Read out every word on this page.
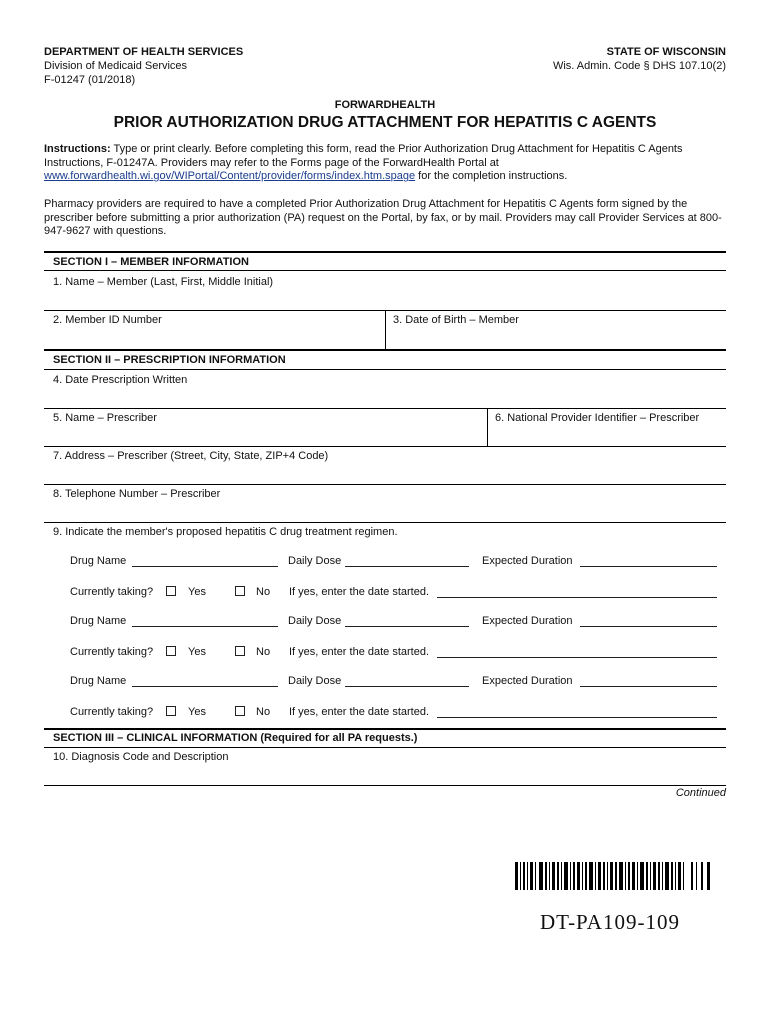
DEPARTMENT OF HEALTH SERVICES
Division of Medicaid Services
F-01247 (01/2018)
STATE OF WISCONSIN
Wis. Admin. Code § DHS 107.10(2)
FORWARDHEALTH
PRIOR AUTHORIZATION DRUG ATTACHMENT FOR HEPATITIS C AGENTS
Instructions: Type or print clearly. Before completing this form, read the Prior Authorization Drug Attachment for Hepatitis C Agents Instructions, F-01247A. Providers may refer to the Forms page of the ForwardHealth Portal at www.forwardhealth.wi.gov/WIPortal/Content/provider/forms/index.htm.spage for the completion instructions.
Pharmacy providers are required to have a completed Prior Authorization Drug Attachment for Hepatitis C Agents form signed by the prescriber before submitting a prior authorization (PA) request on the Portal, by fax, or by mail. Providers may call Provider Services at 800-947-9627 with questions.
SECTION I – MEMBER INFORMATION
1. Name – Member (Last, First, Middle Initial)
2. Member ID Number	3. Date of Birth – Member
SECTION II – PRESCRIPTION INFORMATION
4. Date Prescription Written
5. Name – Prescriber	6. National Provider Identifier – Prescriber
7. Address – Prescriber (Street, City, State, ZIP+4 Code)
8. Telephone Number – Prescriber
9. Indicate the member's proposed hepatitis C drug treatment regimen.
Drug Name	Daily Dose	Expected Duration
Currently taking?	Yes	No If yes, enter the date started.
Drug Name	Daily Dose	Expected Duration
Currently taking?	Yes	No If yes, enter the date started.
Drug Name	Daily Dose	Expected Duration
Currently taking?	Yes	No If yes, enter the date started.
SECTION III – CLINICAL INFORMATION (Required for all PA requests.)
10. Diagnosis Code and Description
Continued
DT-PA109-109
